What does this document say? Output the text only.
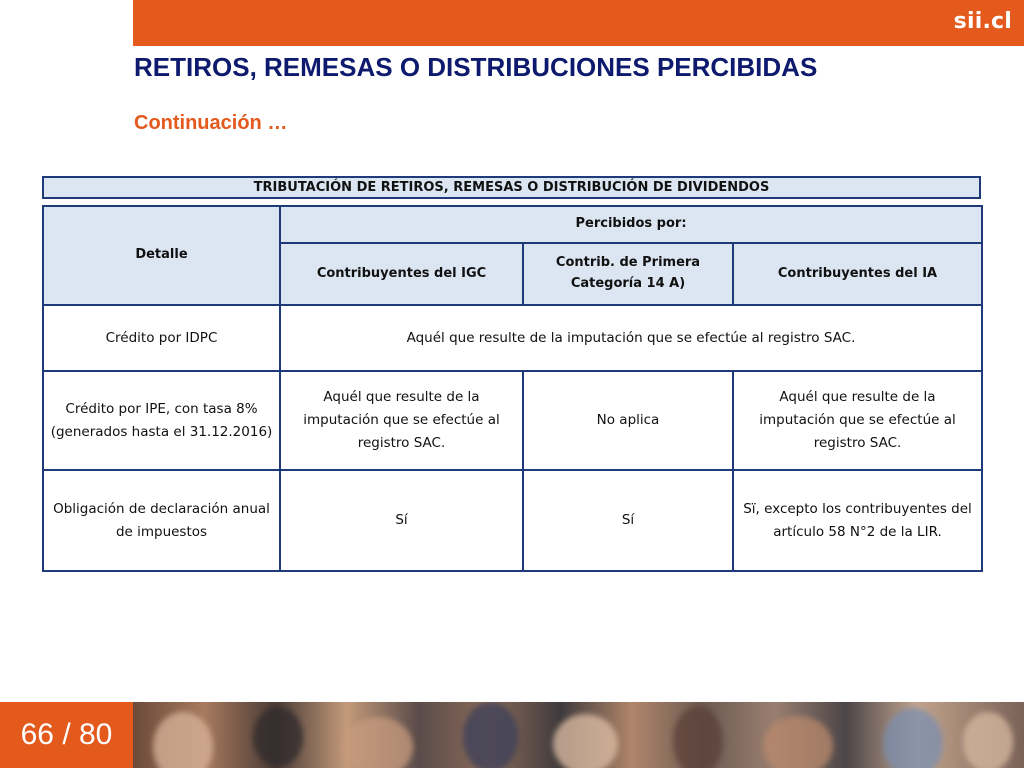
sii.cl
RETIROS, REMESAS O DISTRIBUCIONES PERCIBIDAS
Continuación …
TRIBUTACIÓN DE RETIROS, REMESAS O DISTRIBUCIÓN DE DIVIDENDOS
Detalle	Percibidos por:		
	Contribuyentes del IGC	Contrib. de Primera Categoría 14 A)	Contribuyentes del IA
Crédito por IDPC	Aquél que resulte de la imputación que se efectúe al registro SAC.		
Crédito por IPE, con tasa 8% (generados hasta el 31.12.2016)	Aquél que resulte de la imputación que se efectúe al registro SAC.	No aplica	Aquél que resulte de la imputación que se efectúe al registro SAC.
Obligación de declaración anual de impuestos	Sí	Sí	Sï, excepto los contribuyentes del artículo 58 N°2 de la LIR.
66 / 80
